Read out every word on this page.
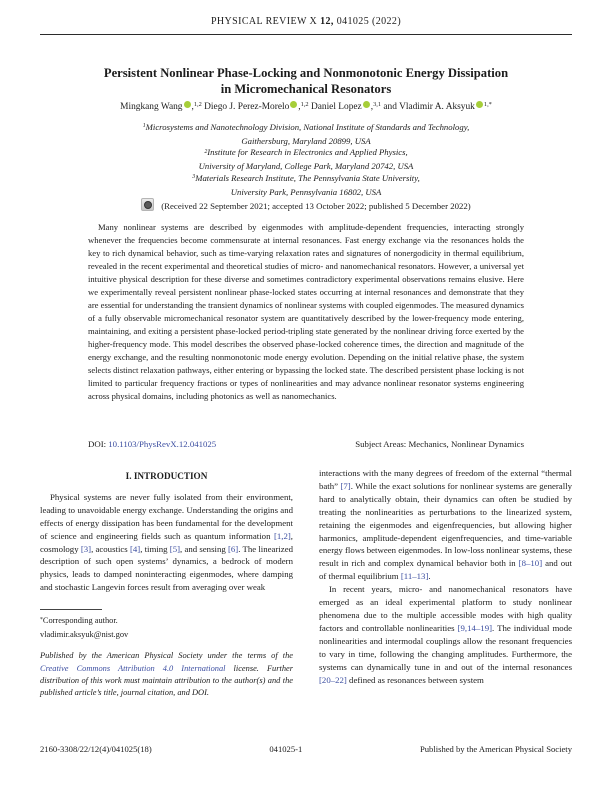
PHYSICAL REVIEW X 12, 041025 (2022)
Persistent Nonlinear Phase-Locking and Nonmonotonic Energy Dissipation
in Micromechanical Resonators
Mingkang Wang ,$^{1,2}$ Diego J. Perez-Morelo ,$^{1,2}$ Daniel Lopez ,$^{3,1}$ and Vladimir A. Aksyuk $^{1,*}$
$^1$Microsystems and Nanotechnology Division, National Institute of Standards and Technology,
Gaithersburg, Maryland 20899, USA
$^2$Institute for Research in Electronics and Applied Physics,
University of Maryland, College Park, Maryland 20742, USA
$^3$Materials Research Institute, The Pennsylvania State University,
University Park, Pennsylvania 16802, USA
(Received 22 September 2021; accepted 13 October 2022; published 5 December 2022)
Many nonlinear systems are described by eigenmodes with amplitude-dependent frequencies, interacting strongly whenever the frequencies become commensurate at internal resonances. Fast energy exchange via the resonances holds the key to rich dynamical behavior, such as time-varying relaxation rates and signatures of nonergodicity in thermal equilibrium, revealed in the recent experimental and theoretical studies of micro- and nanomechanical resonators. However, a universal yet intuitive physical description for these diverse and sometimes contradictory experimental observations remains elusive. Here we experimentally reveal persistent nonlinear phase-locked states occurring at internal resonances and demonstrate that they are essential for understanding the transient dynamics of nonlinear systems with coupled eigenmodes. The measured dynamics of a fully observable micromechanical resonator system are quantitatively described by the lower-frequency mode entering, maintaining, and exiting a persistent phase-locked period-tripling state generated by the nonlinear driving force exerted by the higher-frequency mode. This model describes the observed phase-locked coherence times, the direction and magnitude of the energy exchange, and the resulting nonmonotonic mode energy evolution. Depending on the initial relative phase, the system selects distinct relaxation pathways, either entering or bypassing the locked state. The described persistent phase locking is not limited to particular frequency fractions or types of nonlinearities and may advance nonlinear resonator systems engineering across physical domains, including photonics as well as nanomechanics.
DOI: 10.1103/PhysRevX.12.041025	Subject Areas: Mechanics, Nonlinear Dynamics
I. INTRODUCTION

Physical systems are never fully isolated from their environment, leading to unavoidable energy exchange. Understanding the origins and effects of energy dissipation has been fundamental for the development of science and engineering fields such as quantum information [1,2], cosmology [3], acoustics [4], timing [5], and sensing [6]. The linearized description of such open systems’ dynamics, a bedrock of modern physics, leads to damped noninteracting eigenmodes, where damping and stochastic Langevin forces result from averaging over weak

*Corresponding author.
vladimir.aksyuk@nist.gov
Published by the American Physical Society under the terms of the Creative Commons Attribution 4.0 International license. Further distribution of this work must maintain attribution to the author(s) and the published article’s title, journal citation, and DOI.

interactions with the many degrees of freedom of the external “thermal bath” [7]. While the exact solutions for nonlinear systems are generally hard to analytically obtain, their dynamics can often be studied by treating the nonlinearities as perturbations to the linearized system, retaining the eigenmodes and eigenfrequencies, but allowing higher harmonics, amplitude-dependent eigenfrequencies, and time-variable energy flows between eigenmodes. In low-loss nonlinear systems, these result in rich and complex dynamical behavior both in [8–10] and out of thermal equilibrium [11–13].

In recent years, micro- and nanomechanical resonators have emerged as an ideal experimental platform to study nonlinear phenomena due to the multiple accessible modes with high quality factors and controllable nonlinearities [9,14–19]. The individual mode nonlinearities and intermodal couplings allow the resonant frequencies to vary in time, following the changing amplitudes. Furthermore, the systems can dynamically tune in and out of the internal resonances [20–22] defined as resonances between system

2160-3308/22/12(4)/041025(18)	041025-1	Published by the American Physical Society
